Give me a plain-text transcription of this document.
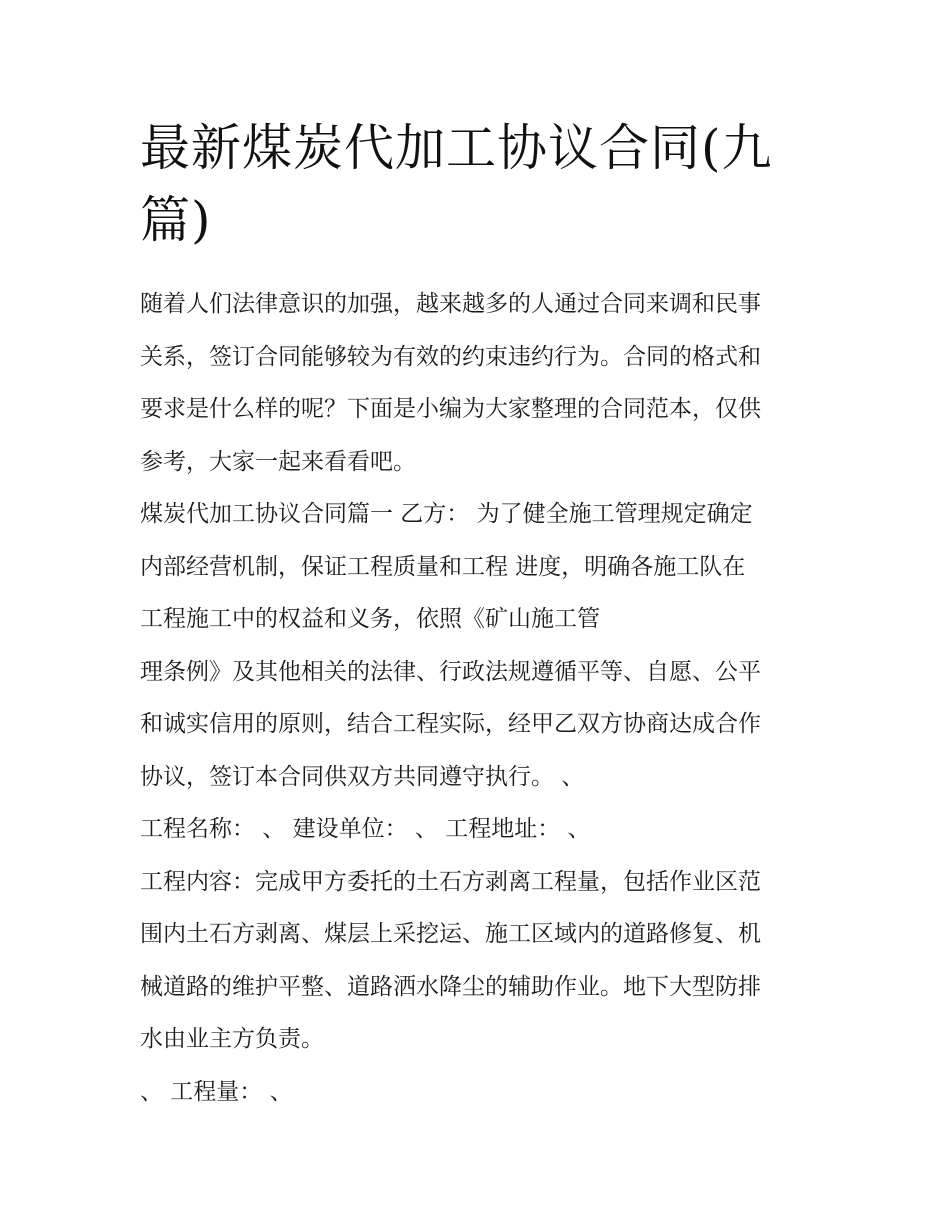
最新煤炭代加工协议合同(九
篇)

随着人们法律意识的加强，越来越多的人通过合同来调和民事
关系，签订合同能够较为有效的约束违约行为。合同的格式和
要求是什么样的呢？下面是小编为大家整理的合同范本，仅供
参考，大家一起来看看吧。

煤炭代加工协议合同篇一 乙方： 为了健全施工管理规定确定
内部经营机制，保证工程质量和工程 进度，明确各施工队在
工程施工中的权益和义务，依照《矿山施工管
理条例》及其他相关的法律、行政法规遵循平等、自愿、公平
和诚实信用的原则，结合工程实际，经甲乙双方协商达成合作
协议，签订本合同供双方共同遵守执行。 、

工程名称： 、 建设单位： 、 工程地址： 、

工程内容：完成甲方委托的土石方剥离工程量，包括作业区范
围内土石方剥离、煤层上采挖运、施工区域内的道路修复、机
械道路的维护平整、道路洒水降尘的辅助作业。地下大型防排
水由业主方负责。

、 工程量： 、
